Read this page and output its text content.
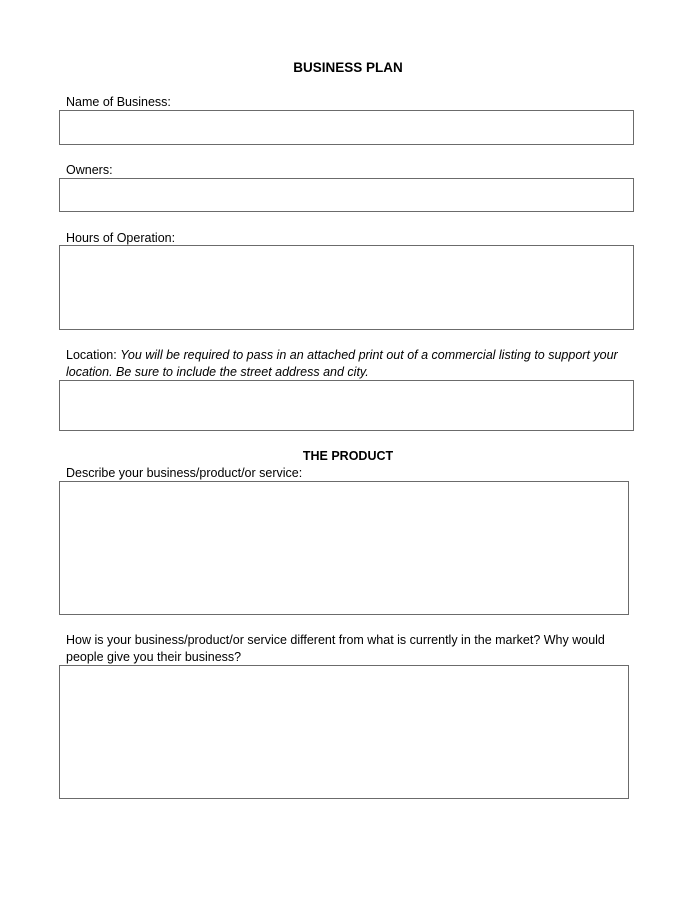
BUSINESS PLAN
Name of Business:
Owners:
Hours of Operation:
Location: You will be required to pass in an attached print out of a commercial listing to support your
location. Be sure to include the street address and city.
THE PRODUCT
Describe your business/product/or service:
How is your business/product/or service different from what is currently in the market? Why would
people give you their business?
